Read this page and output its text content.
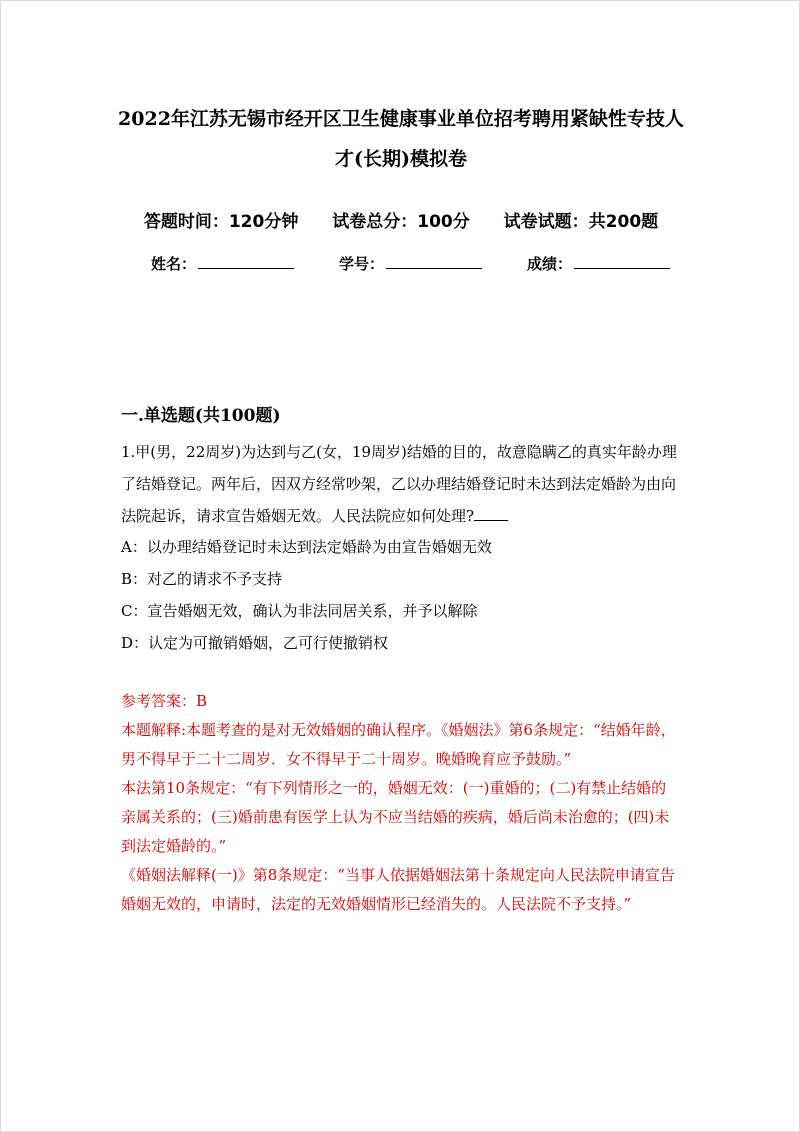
2022年江苏无锡市经开区卫生健康事业单位招考聘用紧缺性专技人
才(长期)模拟卷
答题时间：120分钟 试卷总分：100分 试卷试题：共200题
姓名：	学号：	成绩：
一.单选题(共100题)
1.甲(男，22周岁)为达到与乙(女，19周岁)结婚的目的，故意隐瞒乙的真实年龄办理了结婚登记。两年后，因双方经常吵架，乙以办理结婚登记时未达到法定婚龄为由向法院起诉，请求宣告婚姻无效。人民法院应如何处理?
A：以办理结婚登记时未达到法定婚龄为由宣告婚姻无效
B：对乙的请求不予支持
C：宣告婚姻无效，确认为非法同居关系，并予以解除
D：认定为可撤销婚姻，乙可行使撤销权

参考答案：B

本题解释:本题考查的是对无效婚姻的确认程序。《婚姻法》第6条规定：“结婚年龄，男不得早于二十二周岁．女不得早于二十周岁。晚婚晚育应予鼓励。”

本法第10条规定：“有下列情形之一的，婚姻无效：(一)重婚的；(二)有禁止结婚的亲属关系的；(三)婚前患有医学上认为不应当结婚的疾病，婚后尚未治愈的；(四)未到法定婚龄的。”

《婚姻法解释(一)》第8条规定：“当事人依据婚姻法第十条规定向人民法院申请宣告婚姻无效的，申请时，法定的无效婚姻情形已经消失的。人民法院不予支持。”
